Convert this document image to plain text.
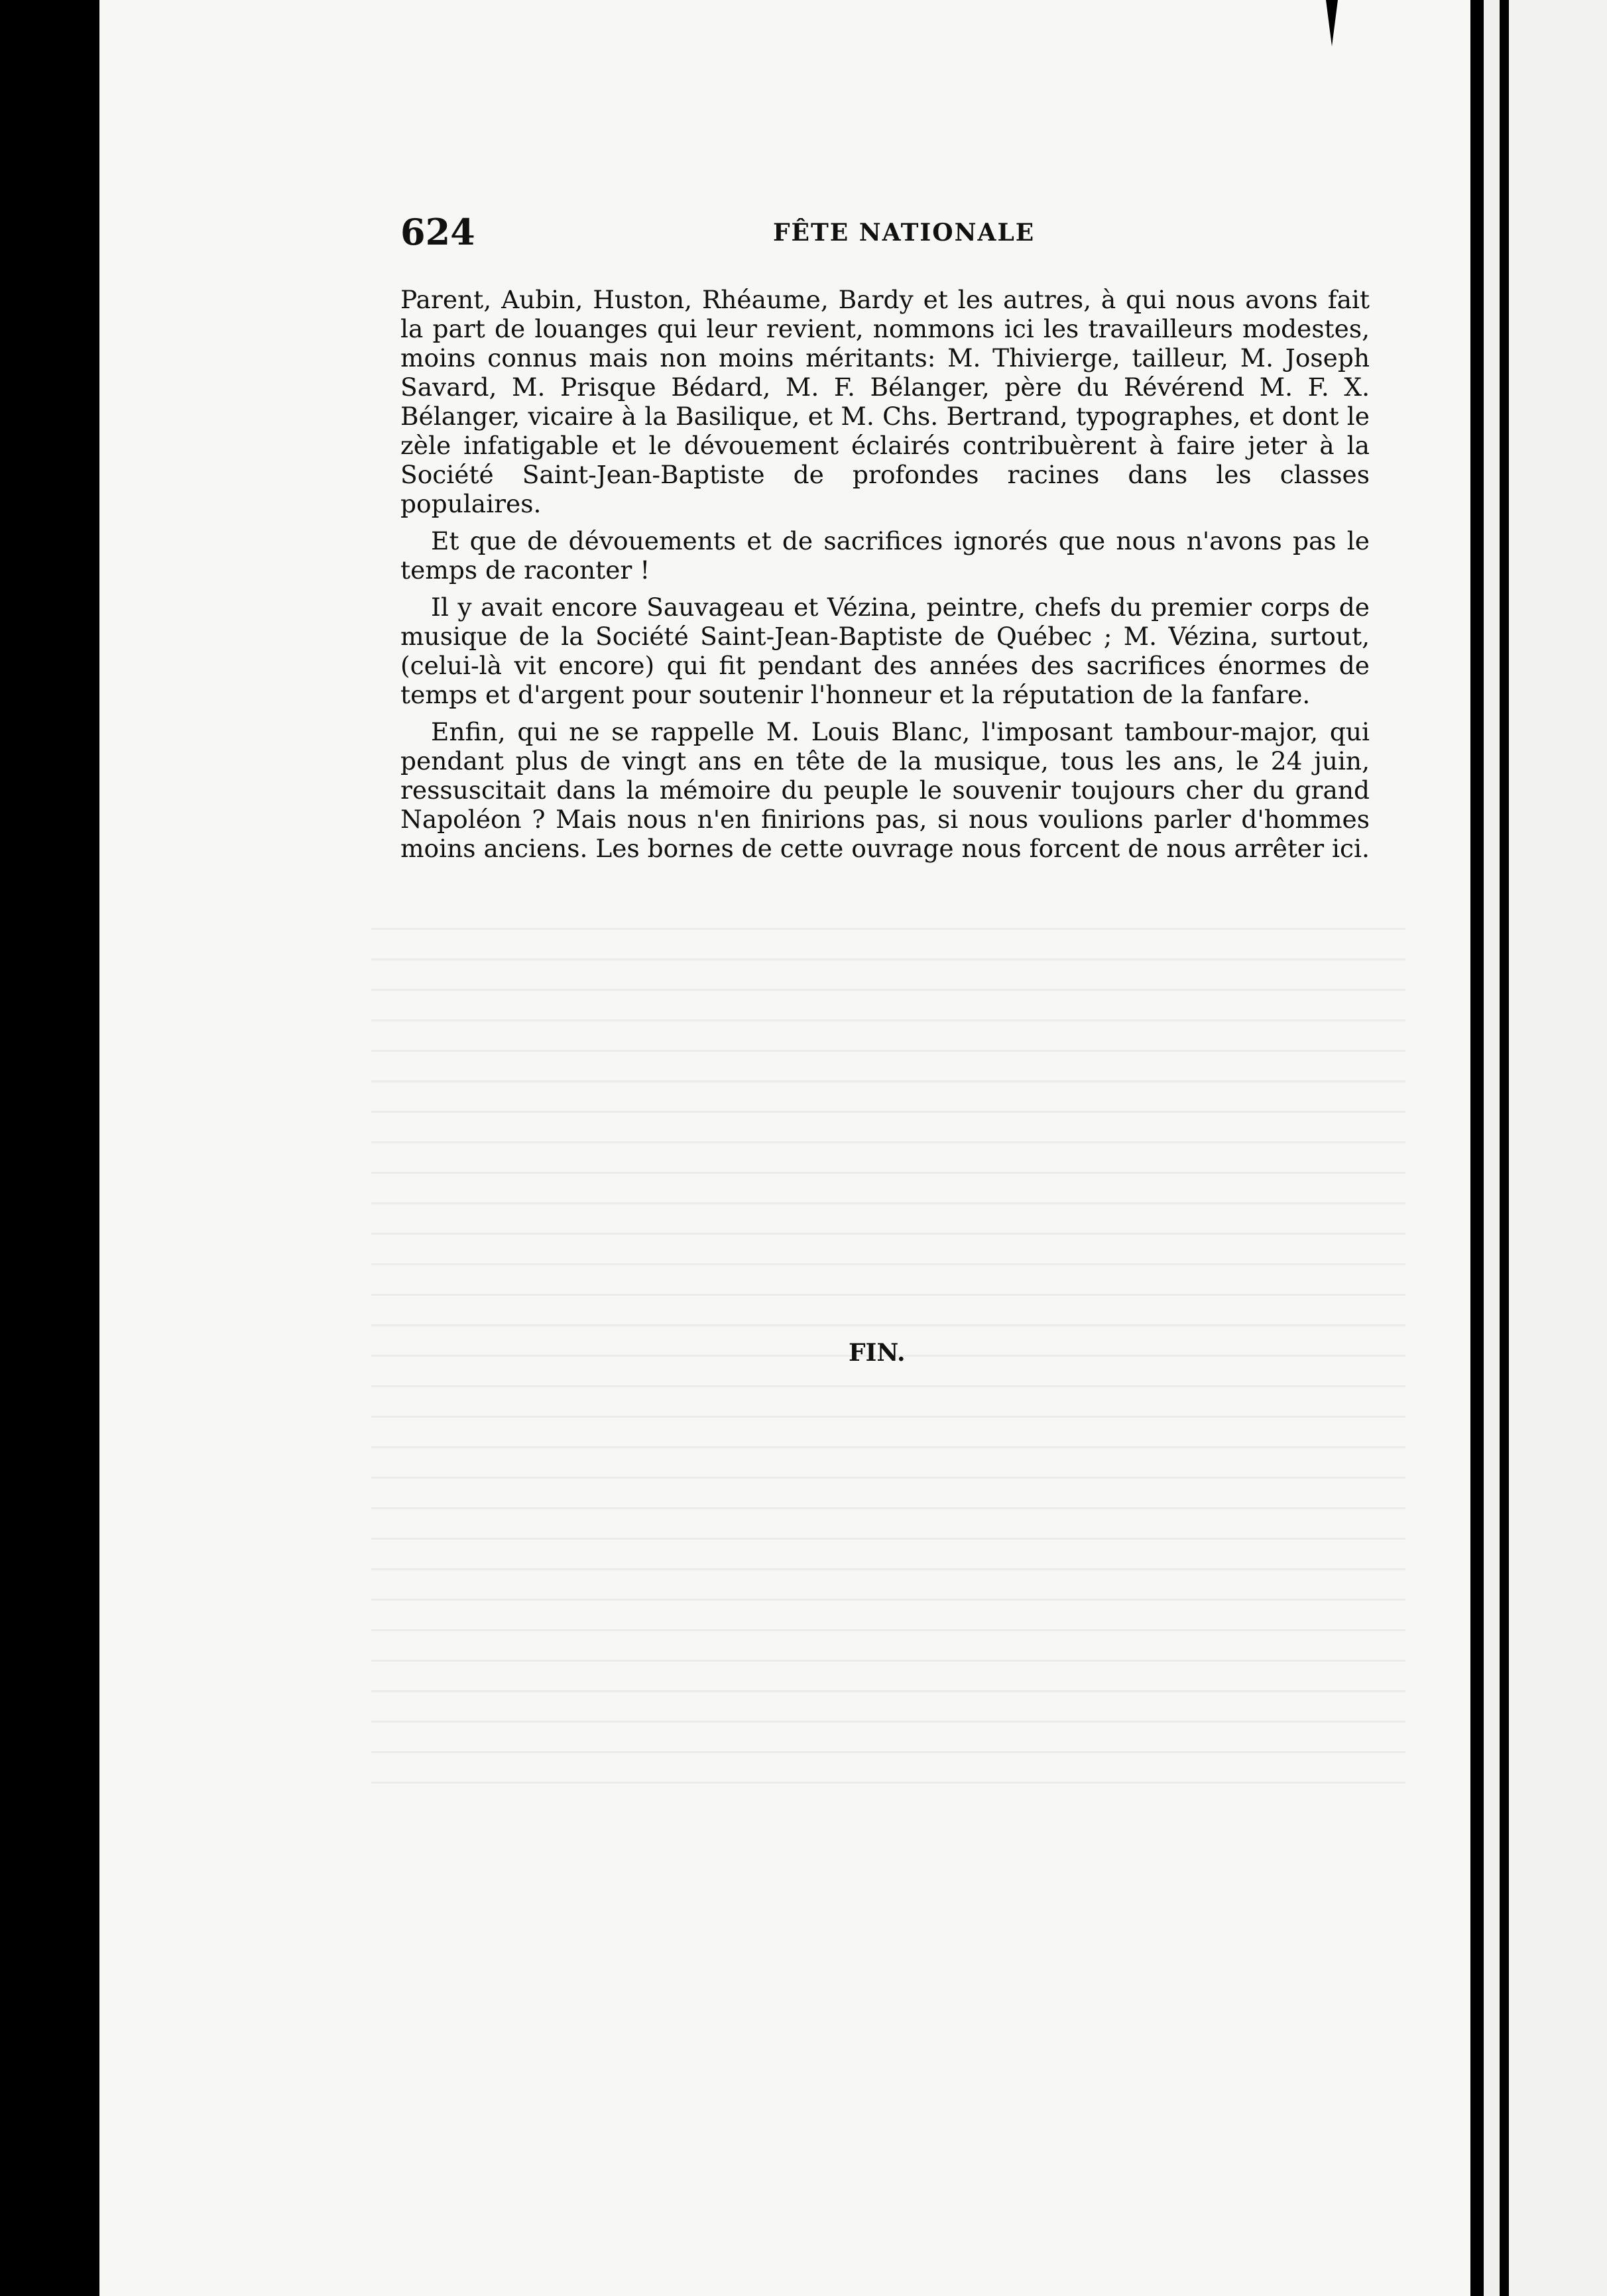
624	FÊTE NATIONALE

Parent, Aubin, Huston, Rhéaume, Bardy et les autres, à qui nous avons fait la part de louanges qui leur revient, nommons ici les travailleurs modestes, moins connus mais non moins méritants: M. Thivierge, tailleur, M. Joseph Savard, M. Prisque Bédard, M. F. Bélanger, père du Révérend M. F. X. Bélanger, vicaire à la Basilique, et M. Chs. Bertrand, typographes, et dont le zèle infatigable et le dévouement éclairés contribuèrent à faire jeter à la Société Saint-Jean-Baptiste de profondes racines dans les classes populaires.

Et que de dévouements et de sacrifices ignorés que nous n'avons pas le temps de raconter !

Il y avait encore Sauvageau et Vézina, peintre, chefs du premier corps de musique de la Société Saint-Jean-Baptiste de Québec ; M. Vézina, surtout, (celui-là vit encore) qui fit pendant des années des sacrifices énormes de temps et d'argent pour soutenir l'honneur et la réputation de la fanfare.

Enfin, qui ne se rappelle M. Louis Blanc, l'imposant tambour-major, qui pendant plus de vingt ans en tête de la musique, tous les ans, le 24 juin, ressuscitait dans la mémoire du peuple le souvenir toujours cher du grand Napoléon ? Mais nous n'en finirions pas, si nous voulions parler d'hommes moins anciens. Les bornes de cette ouvrage nous forcent de nous arrêter ici.

FIN.
